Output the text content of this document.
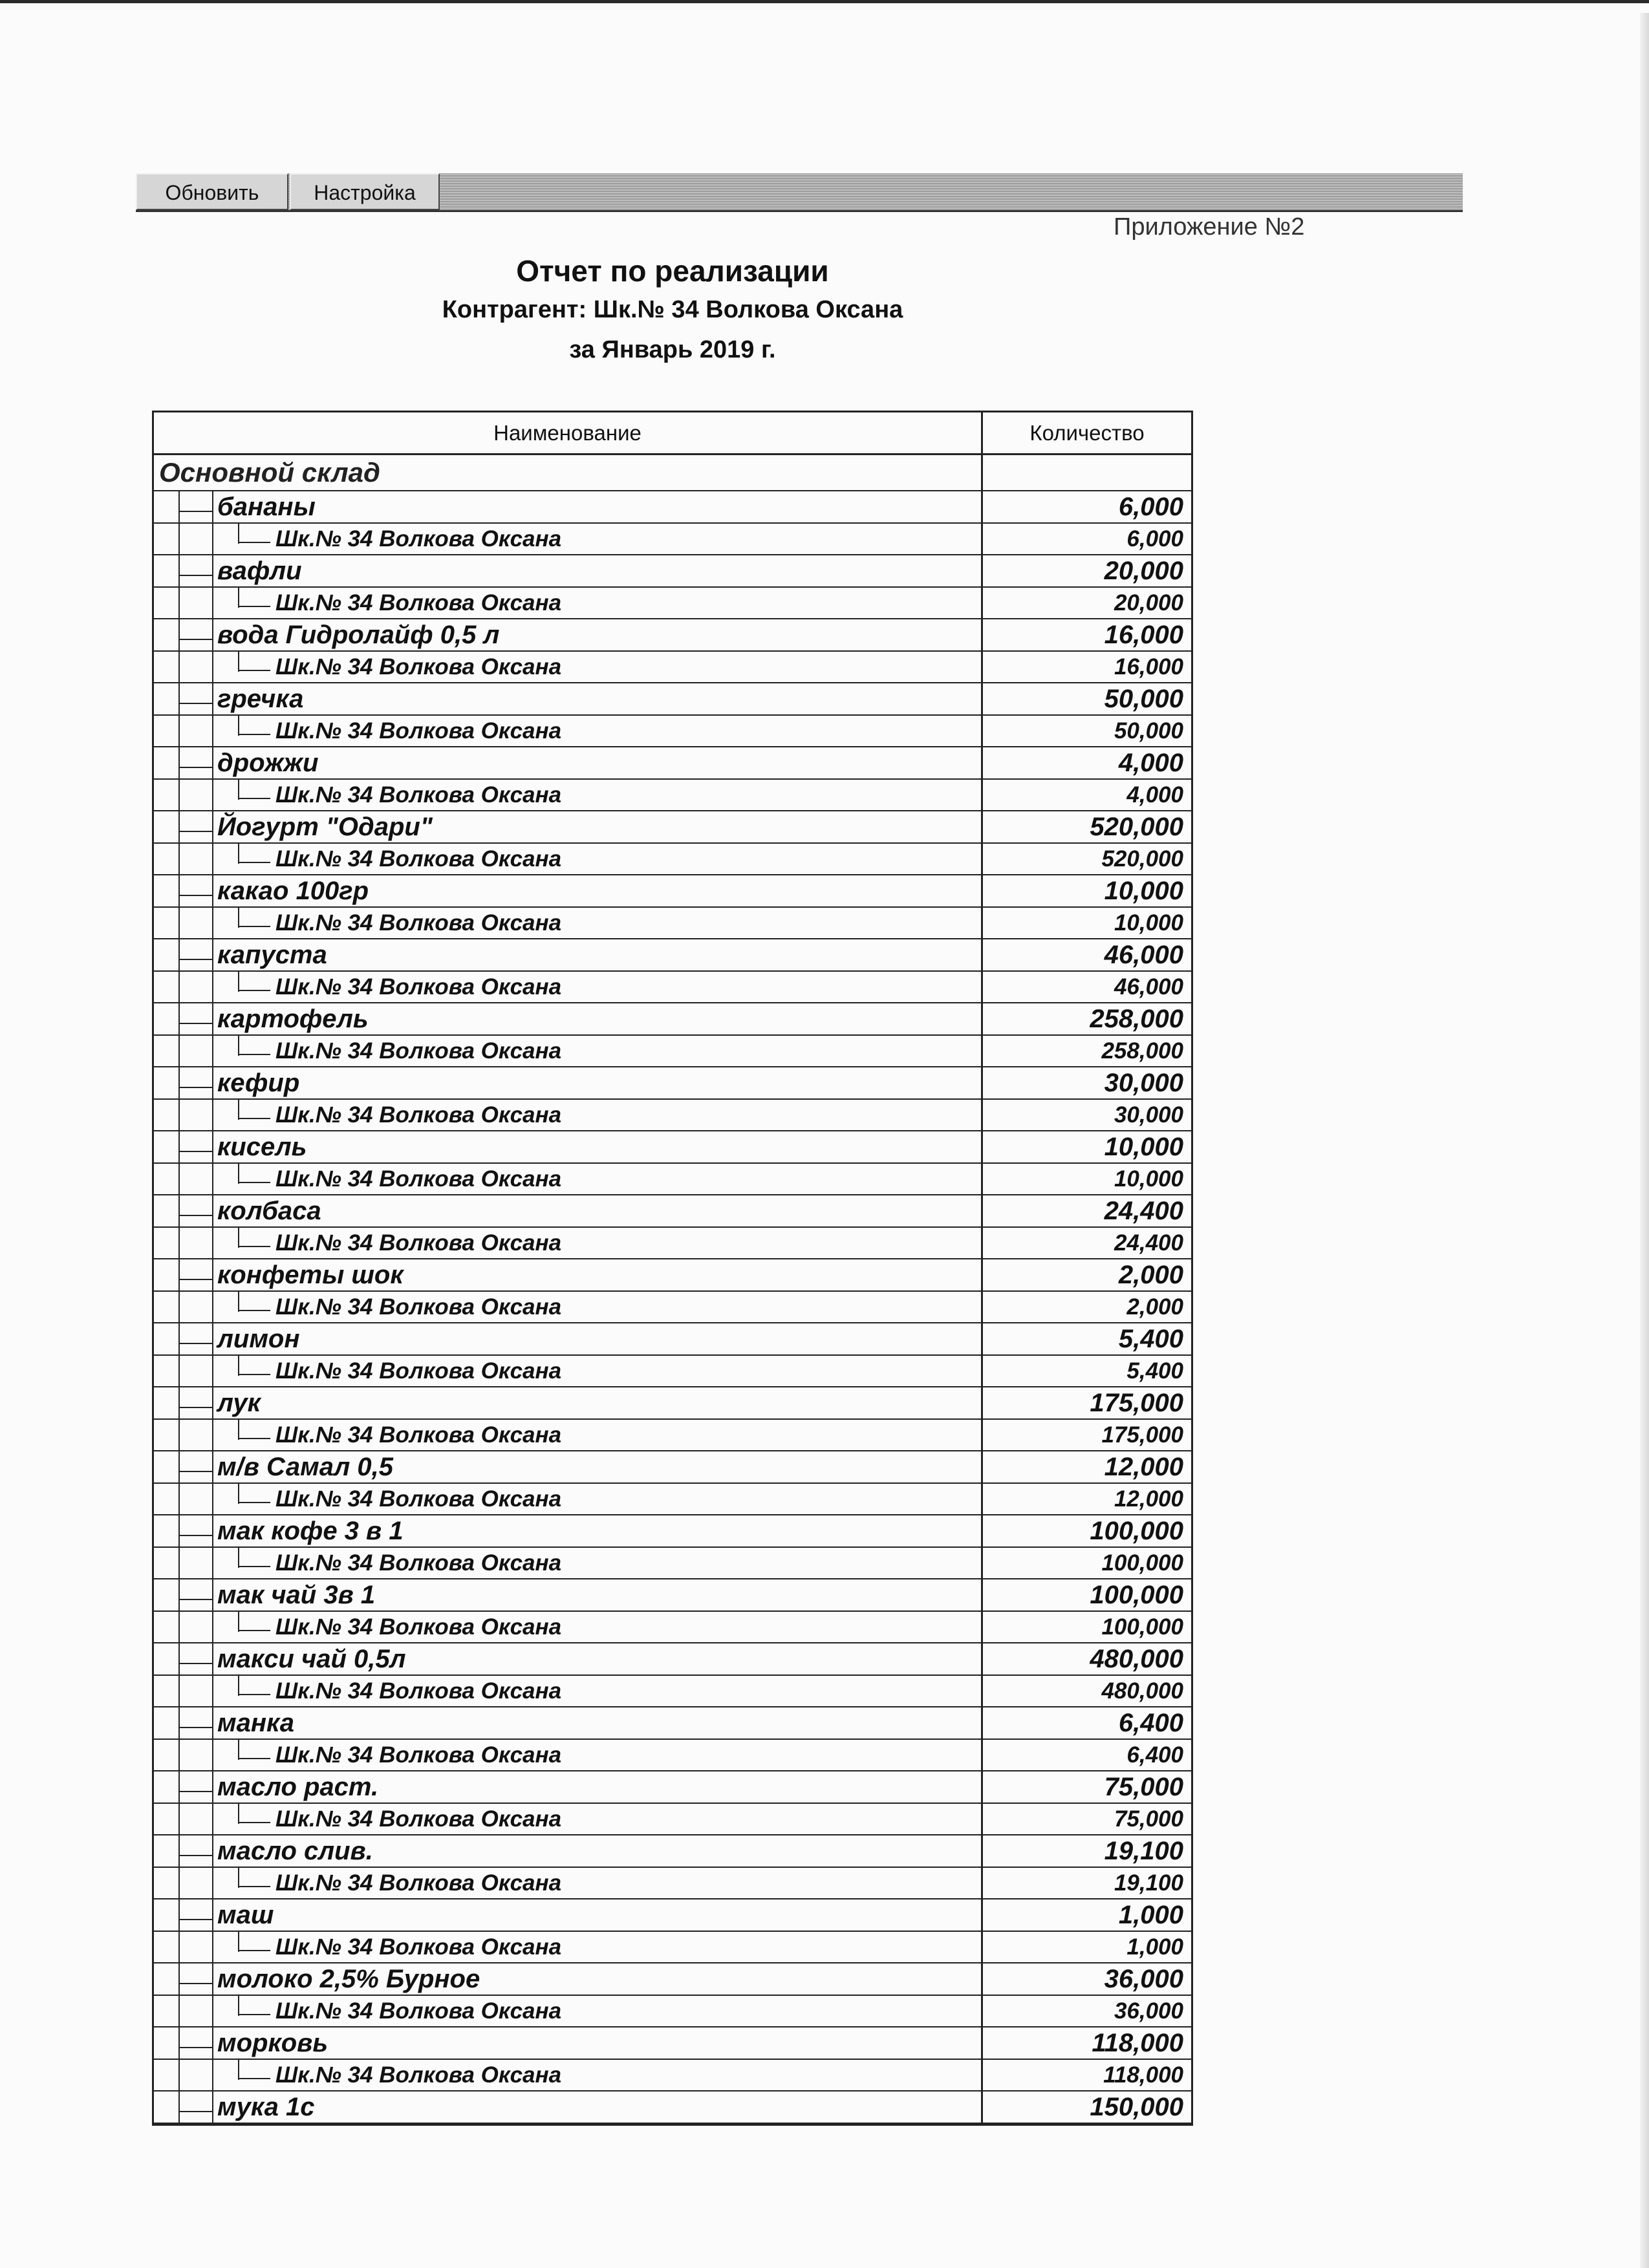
Обновить	Настройка
Приложение №2
Отчет по реализации
Контрагент: Шк.№ 34 Волкова Оксана
за Январь 2019 г.
Наименование	Количество
Основной склад
бананы	6,000
Шк.№ 34 Волкова Оксана	6,000
вафли	20,000
Шк.№ 34 Волкова Оксана	20,000
вода Гидролайф 0,5 л	16,000
Шк.№ 34 Волкова Оксана	16,000
гречка	50,000
Шк.№ 34 Волкова Оксана	50,000
дрожжи	4,000
Шк.№ 34 Волкова Оксана	4,000
Йогурт "Одари"	520,000
Шк.№ 34 Волкова Оксана	520,000
какао 100гр	10,000
Шк.№ 34 Волкова Оксана	10,000
капуста	46,000
Шк.№ 34 Волкова Оксана	46,000
картофель	258,000
Шк.№ 34 Волкова Оксана	258,000
кефир	30,000
Шк.№ 34 Волкова Оксана	30,000
кисель	10,000
Шк.№ 34 Волкова Оксана	10,000
колбаса	24,400
Шк.№ 34 Волкова Оксана	24,400
конфеты шок	2,000
Шк.№ 34 Волкова Оксана	2,000
лимон	5,400
Шк.№ 34 Волкова Оксана	5,400
лук	175,000
Шк.№ 34 Волкова Оксана	175,000
м/в Самал 0,5	12,000
Шк.№ 34 Волкова Оксана	12,000
мак кофе 3 в 1	100,000
Шк.№ 34 Волкова Оксана	100,000
мак чай 3в 1	100,000
Шк.№ 34 Волкова Оксана	100,000
макси чай 0,5л	480,000
Шк.№ 34 Волкова Оксана	480,000
манка	6,400
Шк.№ 34 Волкова Оксана	6,400
масло раст.	75,000
Шк.№ 34 Волкова Оксана	75,000
масло слив.	19,100
Шк.№ 34 Волкова Оксана	19,100
маш	1,000
Шк.№ 34 Волкова Оксана	1,000
молоко 2,5% Бурное	36,000
Шк.№ 34 Волкова Оксана	36,000
морковь	118,000
Шк.№ 34 Волкова Оксана	118,000
мука 1с	150,000
